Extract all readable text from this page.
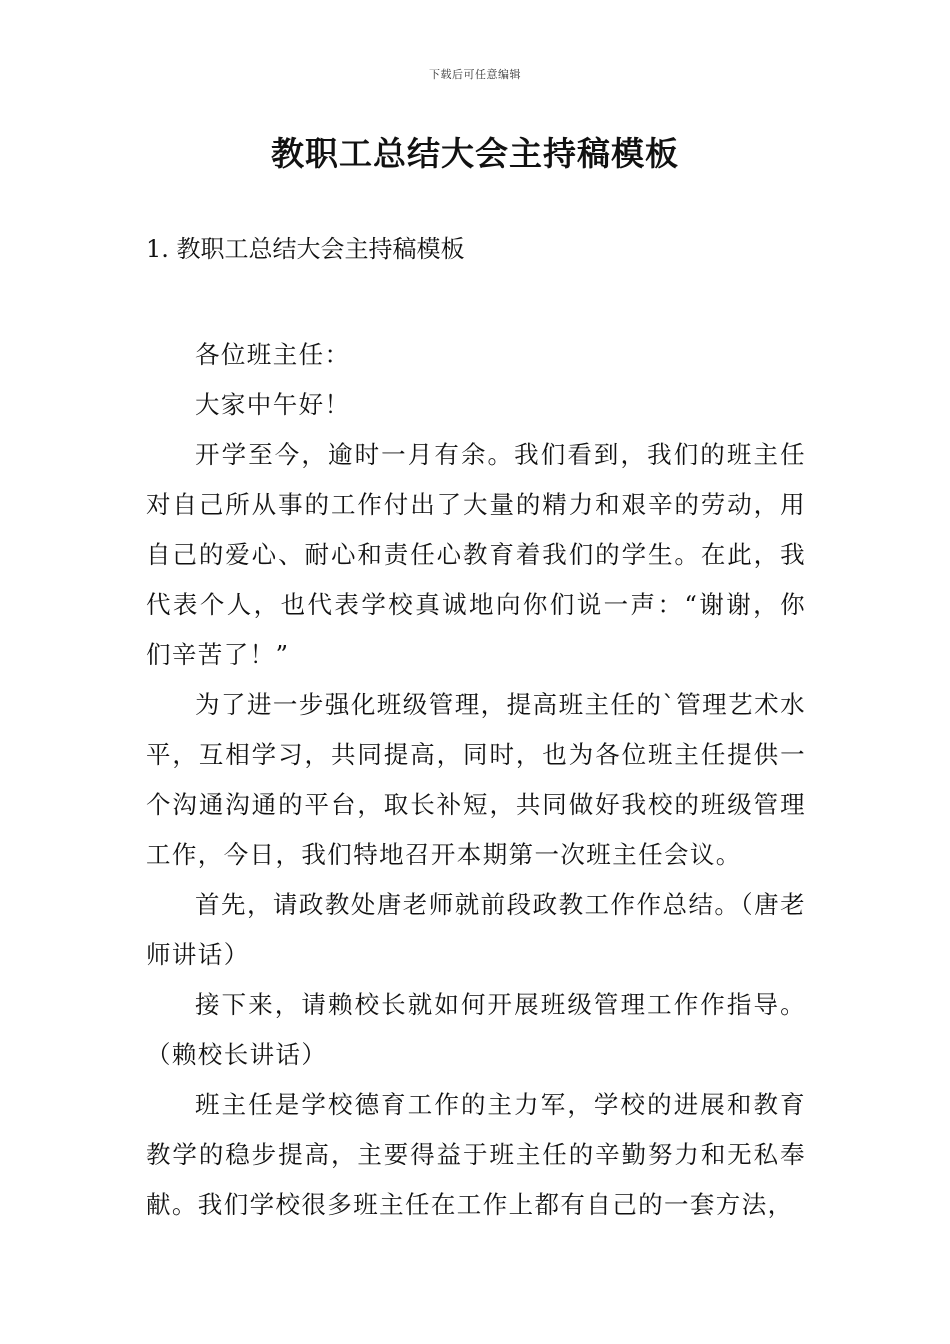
下载后可任意编辑
教职工总结大会主持稿模板
1. 教职工总结大会主持稿模板

各位班主任：

大家中午好！

开学至今，逾时一月有余。我们看到，我们的班主任对自己所从事的工作付出了大量的精力和艰辛的劳动，用自己的爱心、耐心和责任心教育着我们的学生。在此，我代表个人，也代表学校真诚地向你们说一声：“谢谢，你们辛苦了！”

为了进一步强化班级管理，提高班主任的`管理艺术水平，互相学习，共同提高，同时，也为各位班主任提供一个沟通沟通的平台，取长补短，共同做好我校的班级管理工作，今日，我们特地召开本期第一次班主任会议。

首先，请政教处唐老师就前段政教工作作总结。（唐老师讲话）

接下来，请赖校长就如何开展班级管理工作作指导。（赖校长讲话）

班主任是学校德育工作的主力军，学校的进展和教育教学的稳步提高，主要得益于班主任的辛勤努力和无私奉献。我们学校很多班主任在工作上都有自己的一套方法，
